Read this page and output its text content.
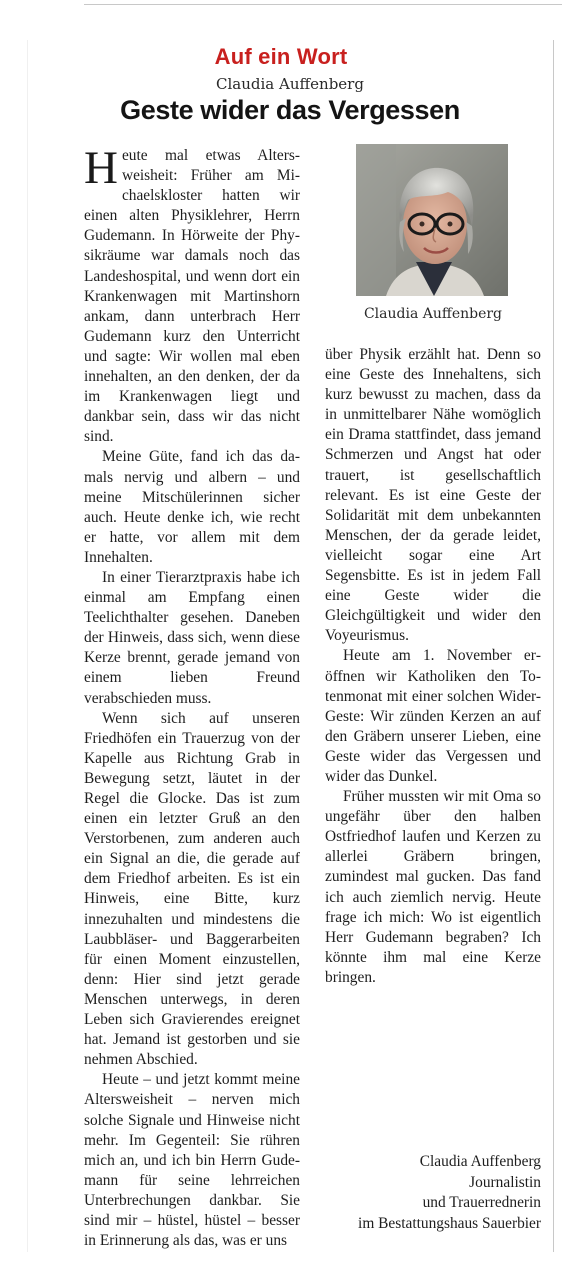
Auf ein Wort
Claudia Auffenberg
Geste wider das Vergessen
Claudia Auffenberg

Heute mal etwas Altersweisheit: Früher am Michaelskloster hatten wir einen alten Physiklehrer, Herrn Gudemann. In Hörweite der Physikräume war damals noch das Landeshospital, und wenn dort ein Krankenwagen mit Martinshorn ankam, dann unterbrach Herr Gudemann kurz den Unterricht und sagte: Wir wollen mal eben innehalten, an den denken, der da im Krankenwagen liegt und dankbar sein, dass wir das nicht sind.

Meine Güte, fand ich das damals nervig und albern – und meine Mitschülerinnen sicher auch. Heute denke ich, wie recht er hatte, vor allem mit dem Innehalten.

In einer Tierarztpraxis habe ich einmal am Empfang einen Teelichthalter gesehen. Daneben der Hinweis, dass sich, wenn diese Kerze brennt, gerade jemand von einem lieben Freund verabschieden muss.

Wenn sich auf unseren Friedhöfen ein Trauerzug von der Kapelle aus Richtung Grab in Bewegung setzt, läutet in der Regel die Glocke. Das ist zum einen ein letzter Gruß an den Verstorbenen, zum anderen auch ein Signal an die, die gerade auf dem Friedhof arbeiten. Es ist ein Hinweis, eine Bitte, kurz innezuhalten und mindestens die Laubbläser- und Baggerarbeiten für einen Moment einzustellen, denn: Hier sind jetzt gerade Menschen unterwegs, in deren Leben sich Gravierendes ereignet hat. Jemand ist gestorben und sie nehmen Abschied.

Heute – und jetzt kommt meine Altersweisheit – nerven mich solche Signale und Hinweise nicht mehr. Im Gegenteil: Sie rühren mich an, und ich bin Herrn Gudemann für seine lehrreichen Unterbrechungen dankbar. Sie sind mir – hüstel, hüstel – besser in Erinnerung als das, was er uns

über Physik erzählt hat. Denn so eine Geste des Innehaltens, sich kurz bewusst zu machen, dass da in unmittelbarer Nähe womöglich ein Drama stattfindet, dass jemand Schmerzen und Angst hat oder trauert, ist gesellschaftlich relevant. Es ist eine Geste der Solidarität mit dem unbekannten Menschen, der da gerade leidet, vielleicht sogar eine Art Segensbitte. Es ist in jedem Fall eine Geste wider die Gleichgültigkeit und wider den Voyeurismus.

Heute am 1. November eröffnen wir Katholiken den Totenmonat mit einer solchen Wider-Geste: Wir zünden Kerzen an auf den Gräbern unserer Lieben, eine Geste wider das Vergessen und wider das Dunkel.

Früher mussten wir mit Oma so ungefähr über den halben Ostfriedhof laufen und Kerzen zu allerlei Gräbern bringen, zumindest mal gucken. Das fand ich auch ziemlich nervig. Heute frage ich mich: Wo ist eigentlich Herr Gudemann begraben? Ich könnte ihm mal eine Kerze bringen.

Claudia Auffenberg
Journalistin
und Trauerrednerin
im Bestattungshaus Sauerbier
